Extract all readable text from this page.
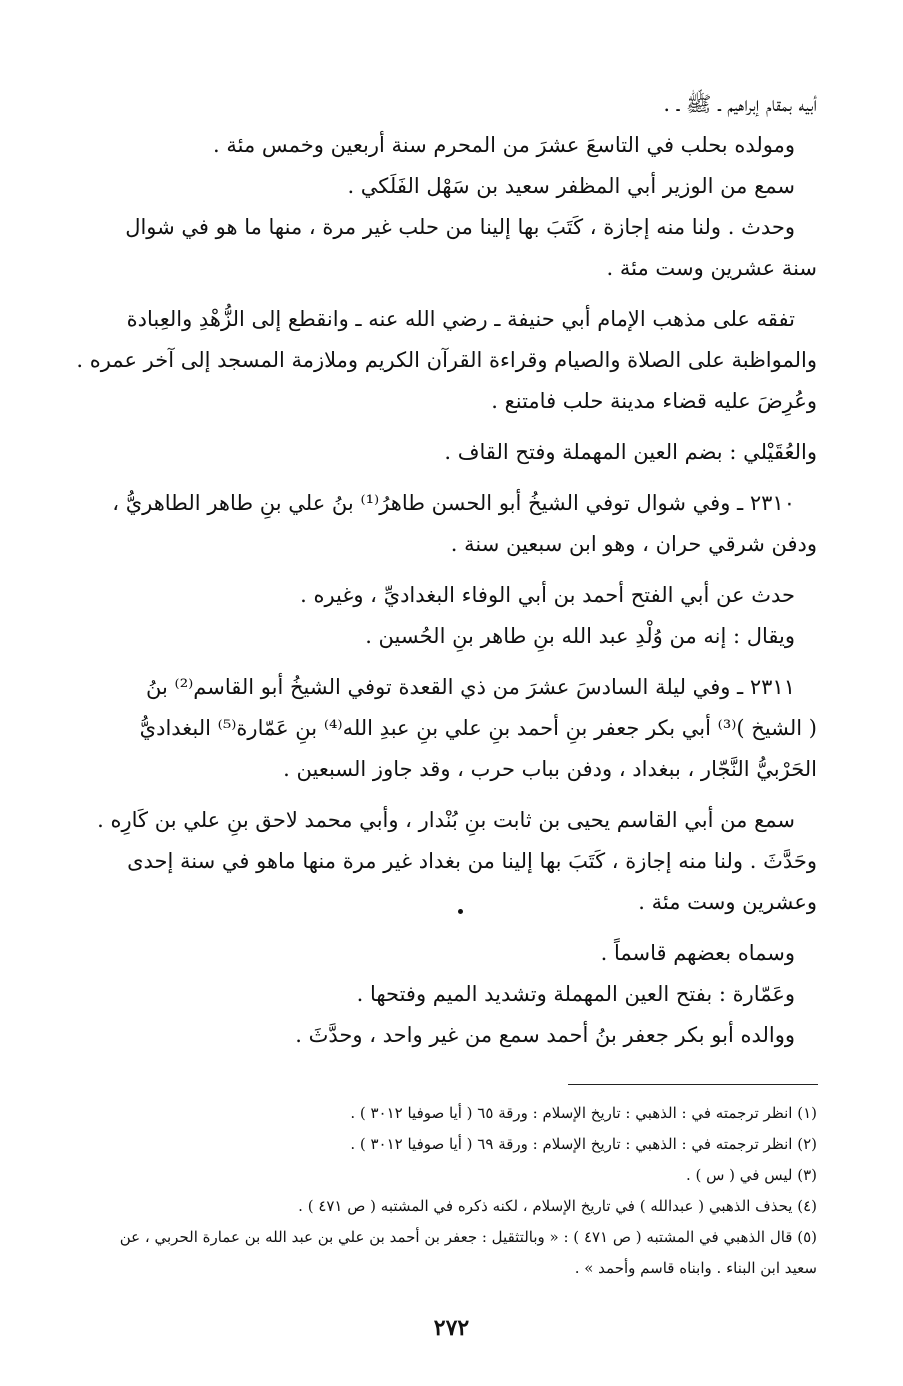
أبيه بمقام إبراهيم ـ ﷺ ـ .
ومولده بحلب في التاسعَ عشرَ من المحرم سنة أربعين وخمس مئة .
سمع من الوزير أبي المظفر سعيد بن سَهْل الفَلَكي .
وحدث . ولنا منه إجازة ، كَتَبَ بها إلينا من حلب غير مرة ، منها ما هو في شوال
سنة عشرين وست مئة .
تفقه على مذهب الإمام أبي حنيفة ـ رضي الله عنه ـ وانقطع إلى الزُّهْدِ والعِبادة
والمواظبة على الصلاة والصيام وقراءة القرآن الكريم وملازمة المسجد إلى آخر عمره .
وعُرِضَ عليه قضاء مدينة حلب فامتنع .
والعُقَيْلي : بضم العين المهملة وفتح القاف .
٢٣١٠ ـ وفي شوال توفي الشيخُ أبو الحسن طاهرُ⁽¹⁾ بنُ علي بنِ طاهر الطاهريُّ ،
ودفن شرقي حران ، وهو ابن سبعين سنة .
حدث عن أبي الفتح أحمد بن أبي الوفاء البغداديِّ ، وغيره .
ويقال : إنه من وُلْدِ عبد الله بنِ طاهر بنِ الحُسين .
٢٣١١ ـ وفي ليلة السادسَ عشرَ من ذي القعدة توفي الشيخُ أبو القاسم⁽²⁾ بنُ
( الشيخ )⁽³⁾ أبي بكر جعفر بنِ أحمد بنِ علي بنِ عبدِ الله⁽⁴⁾ بنِ عَمّارة⁽⁵⁾ البغداديُّ
الحَرْبيُّ النَّجّار ، ببغداد ، ودفن بباب حرب ، وقد جاوز السبعين .
سمع من أبي القاسم يحيى بن ثابت بنِ بُنْدار ، وأبي محمد لاحق بنِ علي بن كَارِه .
وحَدَّثَ . ولنا منه إجازة ، كَتَبَ بها إلينا من بغداد غير مرة منها ماهو في سنة إحدى
وعشرين وست مئة .
وسماه بعضهم قاسماً .
وعَمّارة : بفتح العين المهملة وتشديد الميم وفتحها .
ووالده أبو بكر جعفر بنُ أحمد سمع من غير واحد ، وحدَّثَ .
(١) انظر ترجمته في : الذهبي : تاريخ الإسلام : ورقة ٦٥ ( أيا صوفيا ٣٠١٢ ) .
(٢) انظر ترجمته في : الذهبي : تاريخ الإسلام : ورقة ٦٩ ( أيا صوفيا ٣٠١٢ ) .
(٣) ليس في ( س ) .
(٤) يحذف الذهبي ( عبدالله ) في تاريخ الإسلام ، لكنه ذكره في المشتبه ( ص ٤٧١ ) .
(٥) قال الذهبي في المشتبه ( ص ٤٧١ ) : « وبالتثقيل : جعفر بن أحمد بن علي بن عبد الله بن عمارة الحربي ، عن
سعيد ابن البناء . وابناه قاسم وأحمد » .
٢٧٢
